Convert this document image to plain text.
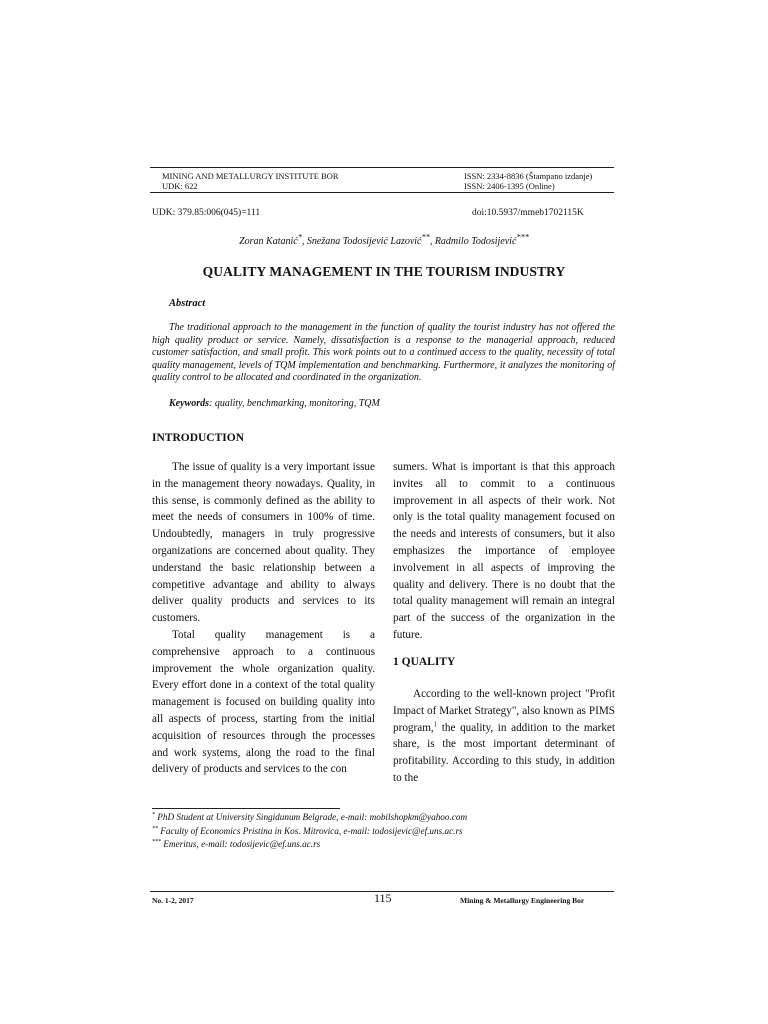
MINING AND METALLURGY INSTITUTE BOR
UDK: 622
ISSN: 2334-8836 (Štampano izdanje)
ISSN: 2406-1395 (Online)
UDK: 379.85:006(045)=111	doi:10.5937/mmeb1702115K
Zoran Katanić*, Snežana Todosijević Lazović**, Radmilo Todosijević***
QUALITY MANAGEMENT IN THE TOURISM INDUSTRY
Abstract
The traditional approach to the management in the function of quality the tourist industry has not offered the high quality product or service. Namely, dissatisfaction is a response to the managerial approach, reduced customer satisfaction, and small profit. This work points out to a continued access to the quality, necessity of total quality management, levels of TQM implementation and benchmarking. Furthermore, it analyzes the monitoring of quality control to be allocated and coordinated in the organization.
Keywords: quality, benchmarking, monitoring, TQM
INTRODUCTION

The issue of quality is a very important issue in the management theory nowadays. Quality, in this sense, is commonly defined as the ability to meet the needs of consumers in 100% of time. Undoubtedly, managers in truly progressive organizations are concerned about quality. They understand the basic relationship between a competitive advantage and ability to always deliver quality products and services to its customers.

Total quality management is a comprehensive approach to a continuous improvement the whole organization quality. Every effort done in a context of the total quality management is focused on building quality into all aspects of process, starting from the initial acquisition of resources through the processes and work systems, along the road to the final delivery of products and services to the con

sumers. What is important is that this approach invites all to commit to a continuous improvement in all aspects of their work. Not only is the total quality management focused on the needs and interests of consumers, but it also emphasizes the importance of employee involvement in all aspects of improving the quality and delivery. There is no doubt that the total quality management will remain an integral part of the success of the organization in the future.

1 QUALITY

According to the well-known project "Profit Impact of Market Strategy", also known as PIMS program,$^1$ the quality, in addition to the market share, is the most important determinant of profitability. According to this study, in addition to the

* PhD Student at University Singidunum Belgrade, e-mail: mobilshopkm@yahoo.com
** Faculty of Economics Pristina in Kos. Mitrovica, e-mail: todosijevic@ef.uns.ac.rs
*** Emeritus, e-mail: todosijevic@ef.uns.ac.rs
No. 1-2, 2017	115	Mining & Metallurgy Engineering Bor
